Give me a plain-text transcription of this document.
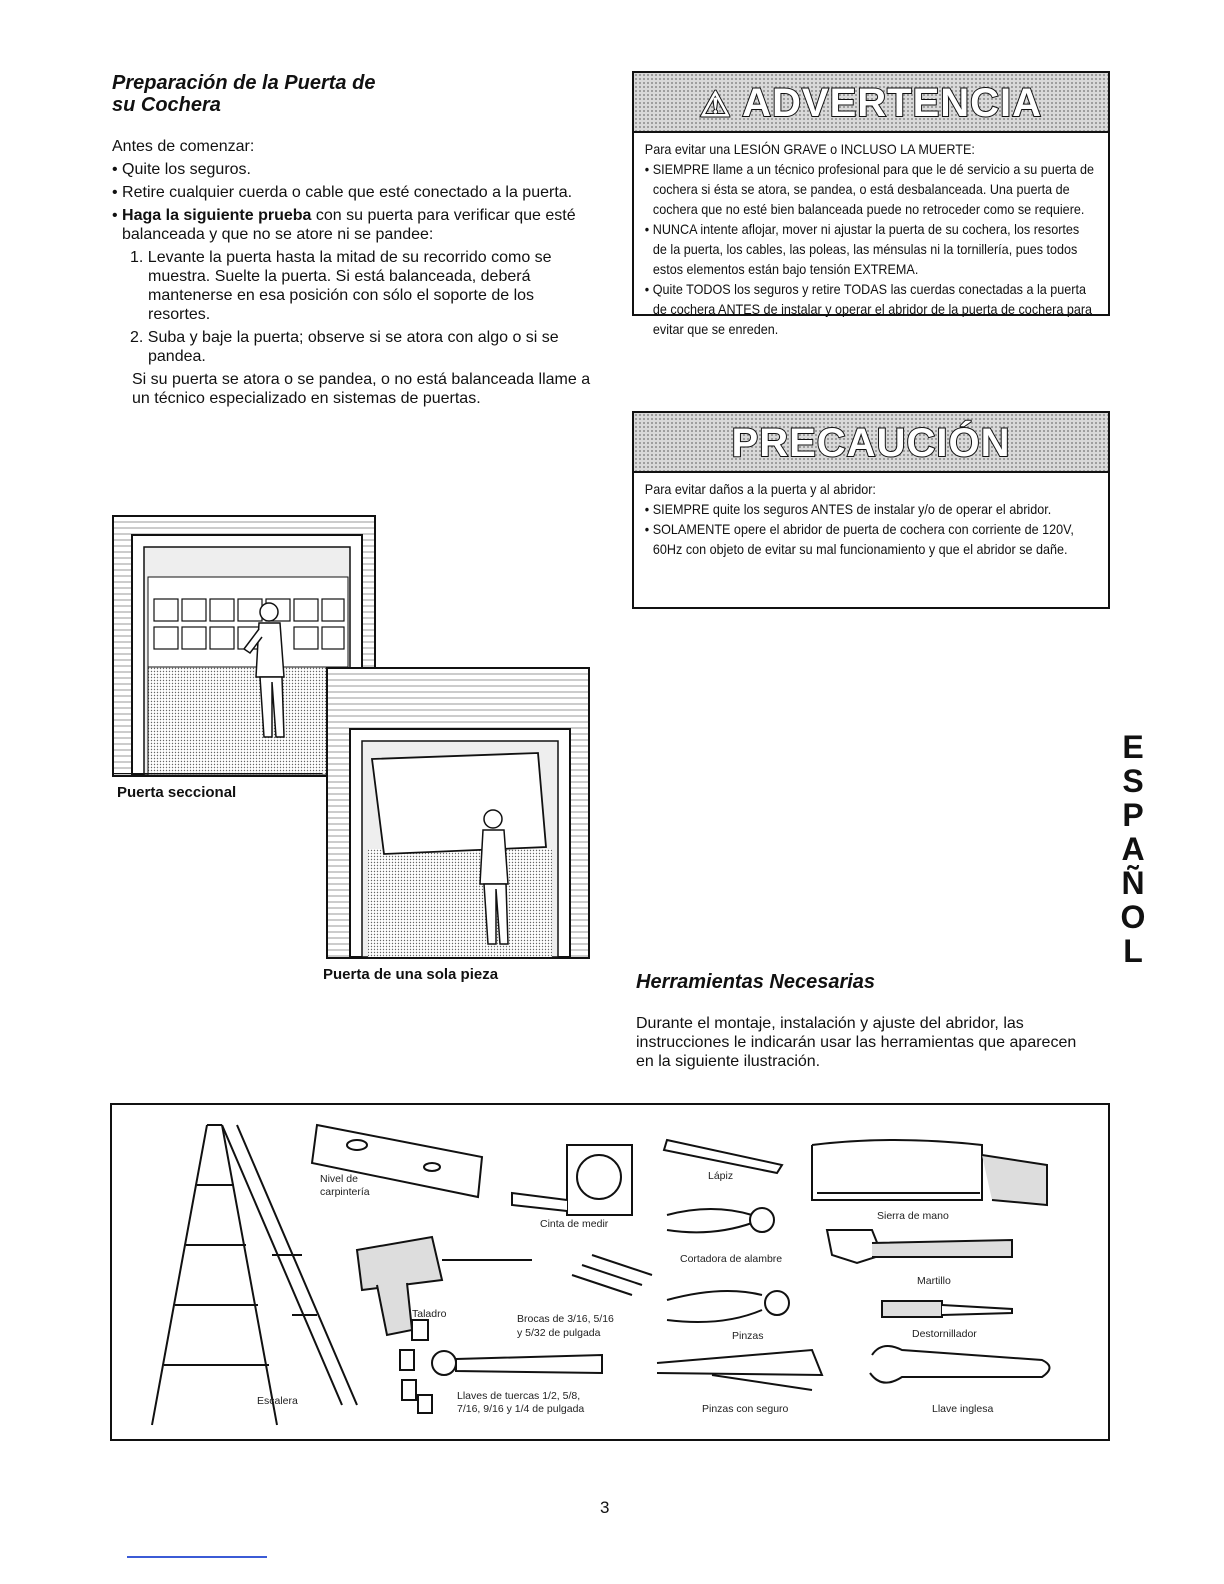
Preparación de la Puerta de
su Cochera

Antes de comenzar:

• Quite los seguros.

• Retire cualquier cuerda o cable que esté conectado a la puerta.

• Haga la siguiente prueba con su puerta para verificar que esté balanceada y que no se atore ni se pandee:

1. Levante la puerta hasta la mitad de su recorrido como se muestra. Suelte la puerta. Si está balanceada, deberá mantenerse en esa posición con sólo el soporte de los resortes.

2. Suba y baje la puerta; observe si se atora con algo o si se pandea.

Si su puerta se atora o se pandea, o no está balanceada llame a un técnico especializado en sistemas de puertas.

Puerta seccional
Puerta de una sola pieza
⚠ ADVERTENCIA

Para evitar una LESIÓN GRAVE o INCLUSO LA MUERTE:

• SIEMPRE llame a un técnico profesional para que le dé servicio a su puerta de cochera si ésta se atora, se pandea, o está desbalanceada. Una puerta de cochera que no esté bien balanceada puede no retroceder como se requiere.

• NUNCA intente aflojar, mover ni ajustar la puerta de su cochera, los resortes de la puerta, los cables, las poleas, las ménsulas ni la tornillería, pues todos estos elementos están bajo tensión EXTREMA.

• Quite TODOS los seguros y retire TODAS las cuerdas conectadas a la puerta de cochera ANTES de instalar y operar el abridor de la puerta de cochera para evitar que se enreden.

PRECAUCIÓN

Para evitar daños a la puerta y al abridor:

• SIEMPRE quite los seguros ANTES de instalar y/o de operar el abridor.

• SOLAMENTE opere el abridor de puerta de cochera con corriente de 120V, 60Hz con objeto de evitar su mal funcionamiento y que el abridor se dañe.

E
S
P
A
Ñ
O
L
Herramientas Necesarias
Durante el montaje, instalación y ajuste del abridor, las instrucciones le indicarán usar las herramientas que aparecen en la siguiente ilustración.
Nivel de
carpintería
Cinta de medir
Lápiz
Sierra de mano
Cortadora de alambre
Martillo
Taladro	Brocas de 3/16, 5/16
y 5/32 de pulgada	Pinzas	Destornillador
Escalera	Llaves de tuercas 1/2, 5/8,
7/16, 9/16 y 1/4 de pulgada	Pinzas con seguro	Llave inglesa
3
